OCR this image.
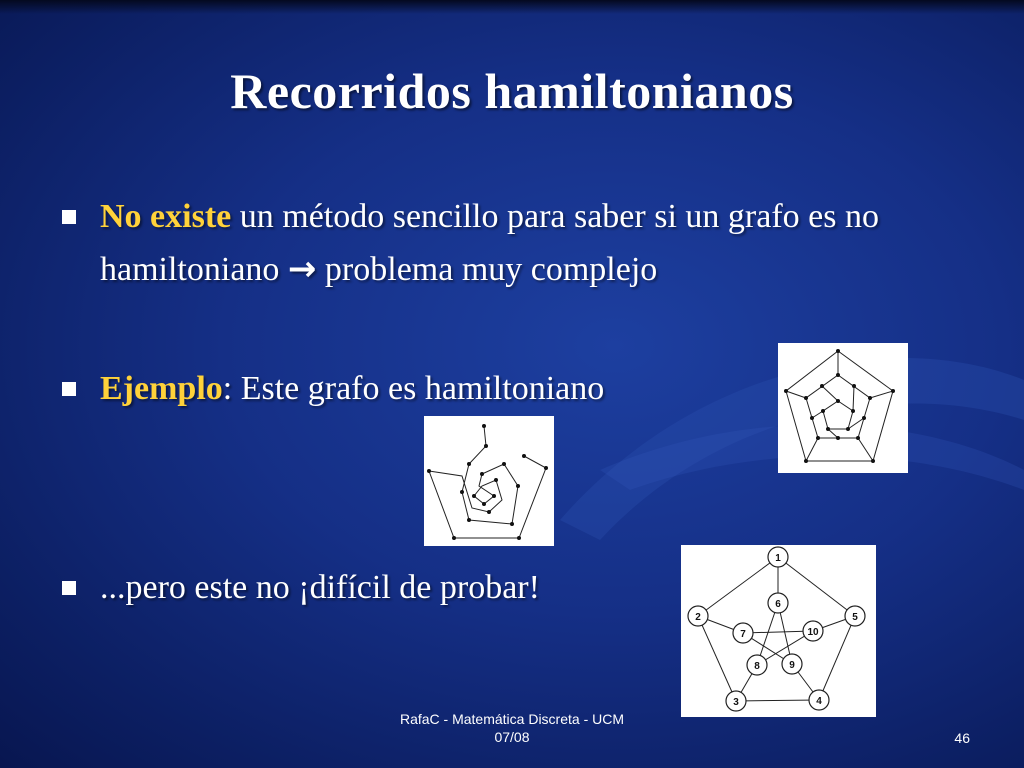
Recorridos hamiltonianos
No existe un método sencillo para saber si un grafo es no hamiltoniano → problema muy complejo
Ejemplo: Este grafo es hamiltoniano
...pero este no ¡difícil de probar!
1
2
3	4
5
6
7
8	9
10
RafaC - Matemática Discreta - UCM
07/08	46
